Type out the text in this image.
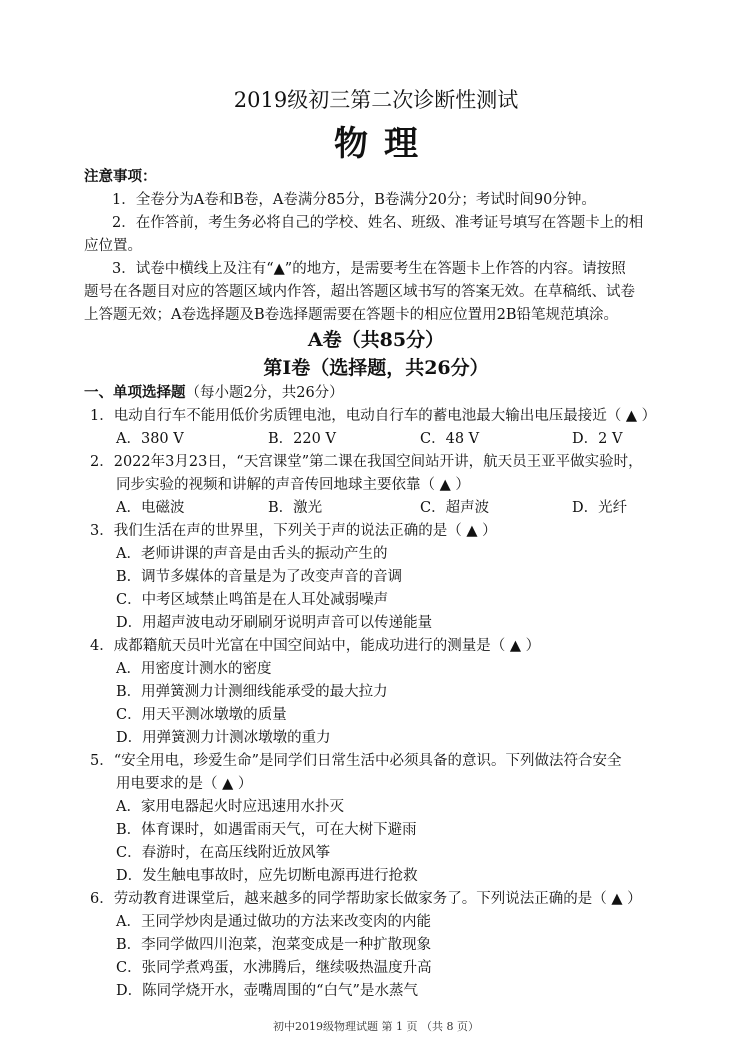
2019级初三第二次诊断性测试
物理
注意事项：
1．全卷分为A卷和B卷，A卷满分85分，B卷满分20分；考试时间90分钟。
2．在作答前，考生务必将自己的学校、姓名、班级、准考证号填写在答题卡上的相
应位置。
3．试卷中横线上及注有“▲”的地方，是需要考生在答题卡上作答的内容。请按照
题号在各题目对应的答题区域内作答，超出答题区域书写的答案无效。在草稿纸、试卷
上答题无效；A卷选择题及B卷选择题需要在答题卡的相应位置用2B铅笔规范填涂。
A卷（共85分）
第Ⅰ卷（选择题，共26分）
一、单项选择题（每小题2分，共26分）
1．电动自行车不能用低价劣质锂电池，电动自行车的蓄电池最大输出电压最接近（ ▲ ）
A．380 V	B．220 V	C．48 V	D．2 V
2．2022年3月23日，“天宫课堂”第二课在我国空间站开讲，航天员王亚平做实验时，
同步实验的视频和讲解的声音传回地球主要依靠（ ▲ ）
A．电磁波	B．激光	C．超声波	D．光纤
3．我们生活在声的世界里，下列关于声的说法正确的是（ ▲ ）
A．老师讲课的声音是由舌头的振动产生的
B．调节多媒体的音量是为了改变声音的音调
C．中考区域禁止鸣笛是在人耳处减弱噪声
D．用超声波电动牙刷刷牙说明声音可以传递能量
4．成都籍航天员叶光富在中国空间站中，能成功进行的测量是（ ▲ ）
A．用密度计测水的密度
B．用弹簧测力计测细线能承受的最大拉力
C．用天平测冰墩墩的质量
D．用弹簧测力计测冰墩墩的重力
5．“安全用电，珍爱生命”是同学们日常生活中必须具备的意识。下列做法符合安全
用电要求的是（ ▲ ）
A．家用电器起火时应迅速用水扑灭
B．体育课时，如遇雷雨天气，可在大树下避雨
C．春游时，在高压线附近放风筝
D．发生触电事故时，应先切断电源再进行抢救
6．劳动教育进课堂后，越来越多的同学帮助家长做家务了。下列说法正确的是（ ▲ ）
A．王同学炒肉是通过做功的方法来改变肉的内能
B．李同学做四川泡菜，泡菜变成是一种扩散现象
C．张同学煮鸡蛋，水沸腾后，继续吸热温度升高
D．陈同学烧开水，壶嘴周围的“白气”是水蒸气
初中2019级物理试题 第 1 页 （共 8 页）
